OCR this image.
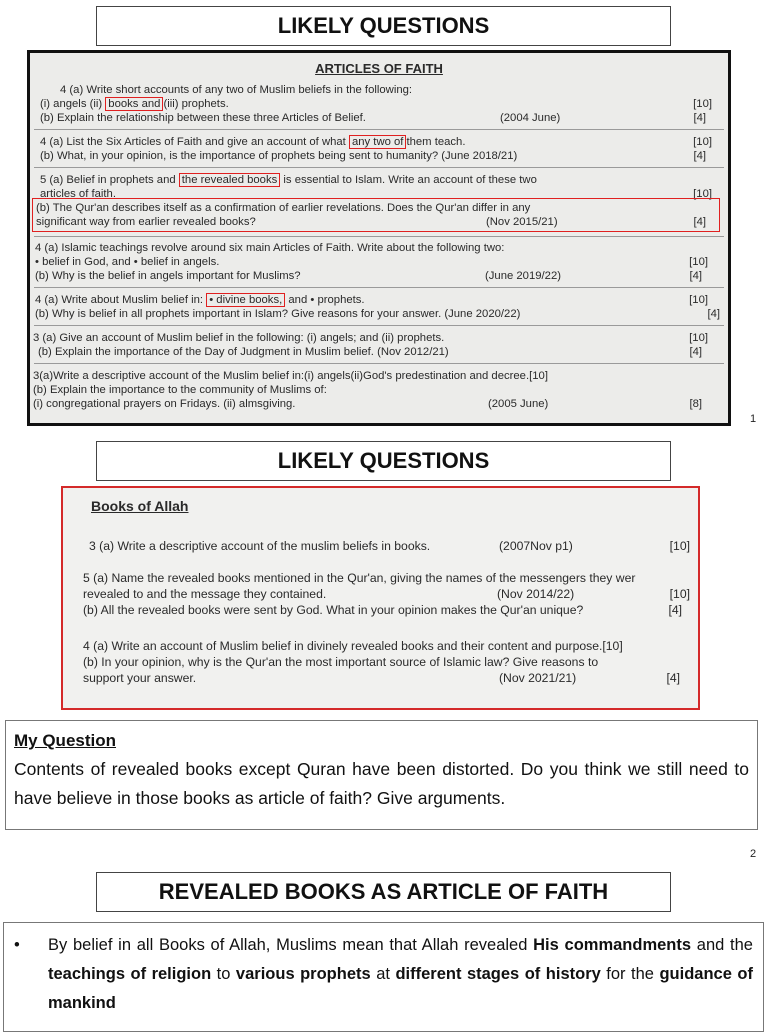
LIKELY QUESTIONS
ARTICLES OF FAITH
4 (a) Write short accounts of any two of Muslim beliefs in the following:
(i) angels (ii) books and (iii) prophets.	[10]
(b) Explain the relationship between these three Articles of Belief.	(2004 June)	[4]
4 (a) List the Six Articles of Faith and give an account of what any two of them teach.	[10]
(b) What, in your opinion, is the importance of prophets being sent to humanity? (June 2018/21)	[4]
5 (a) Belief in prophets and the revealed books is essential to Islam. Write an account of these two
articles of faith.	[10]
(b) The Qur'an describes itself as a confirmation of earlier revelations. Does the Qur'an differ in any
significant way from earlier revealed books?	(Nov 2015/21)	[4]
4 (a) Islamic teachings revolve around six main Articles of Faith. Write about the following two:
• belief in God, and • belief in angels.	[10]
(b) Why is the belief in angels important for Muslims?	(June 2019/22)	[4]
4 (a) Write about Muslim belief in: • divine books, and • prophets.	[10]
(b) Why is belief in all prophets important in Islam? Give reasons for your answer. (June 2020/22)	[4]
3 (a) Give an account of Muslim belief in the following: (i) angels; and (ii) prophets.	[10]
(b) Explain the importance of the Day of Judgment in Muslim belief. (Nov 2012/21)	[4]
3(a)Write a descriptive account of the Muslim belief in:(i) angels(ii)God's predestination and decree.[10]
(b) Explain the importance to the community of Muslims of:
(i) congregational prayers on Fridays. (ii) almsgiving.	(2005 June)	[8]
1
LIKELY QUESTIONS
Books of Allah
3 (a) Write a descriptive account of the muslim beliefs in books.	(2007Nov p1)	[10]
5 (a) Name the revealed books mentioned in the Qur'an, giving the names of the messengers they wer
revealed to and the message they contained.	(Nov 2014/22)	[10]
(b) All the revealed books were sent by God. What in your opinion makes the Qur'an unique?	[4]
4 (a) Write an account of Muslim belief in divinely revealed books and their content and purpose.[10]
(b) In your opinion, why is the Qur'an the most important source of Islamic law? Give reasons to
support your answer.	(Nov 2021/21)	[4]
My Question
Contents of revealed books except Quran have been distorted. Do you think we still need to have believe in those books as article of faith? Give arguments.
2
REVEALED BOOKS AS ARTICLE OF FAITH
•	By belief in all Books of Allah, Muslims mean that Allah revealed His commandments and the teachings of religion to various prophets at different stages of history for the guidance of mankind
